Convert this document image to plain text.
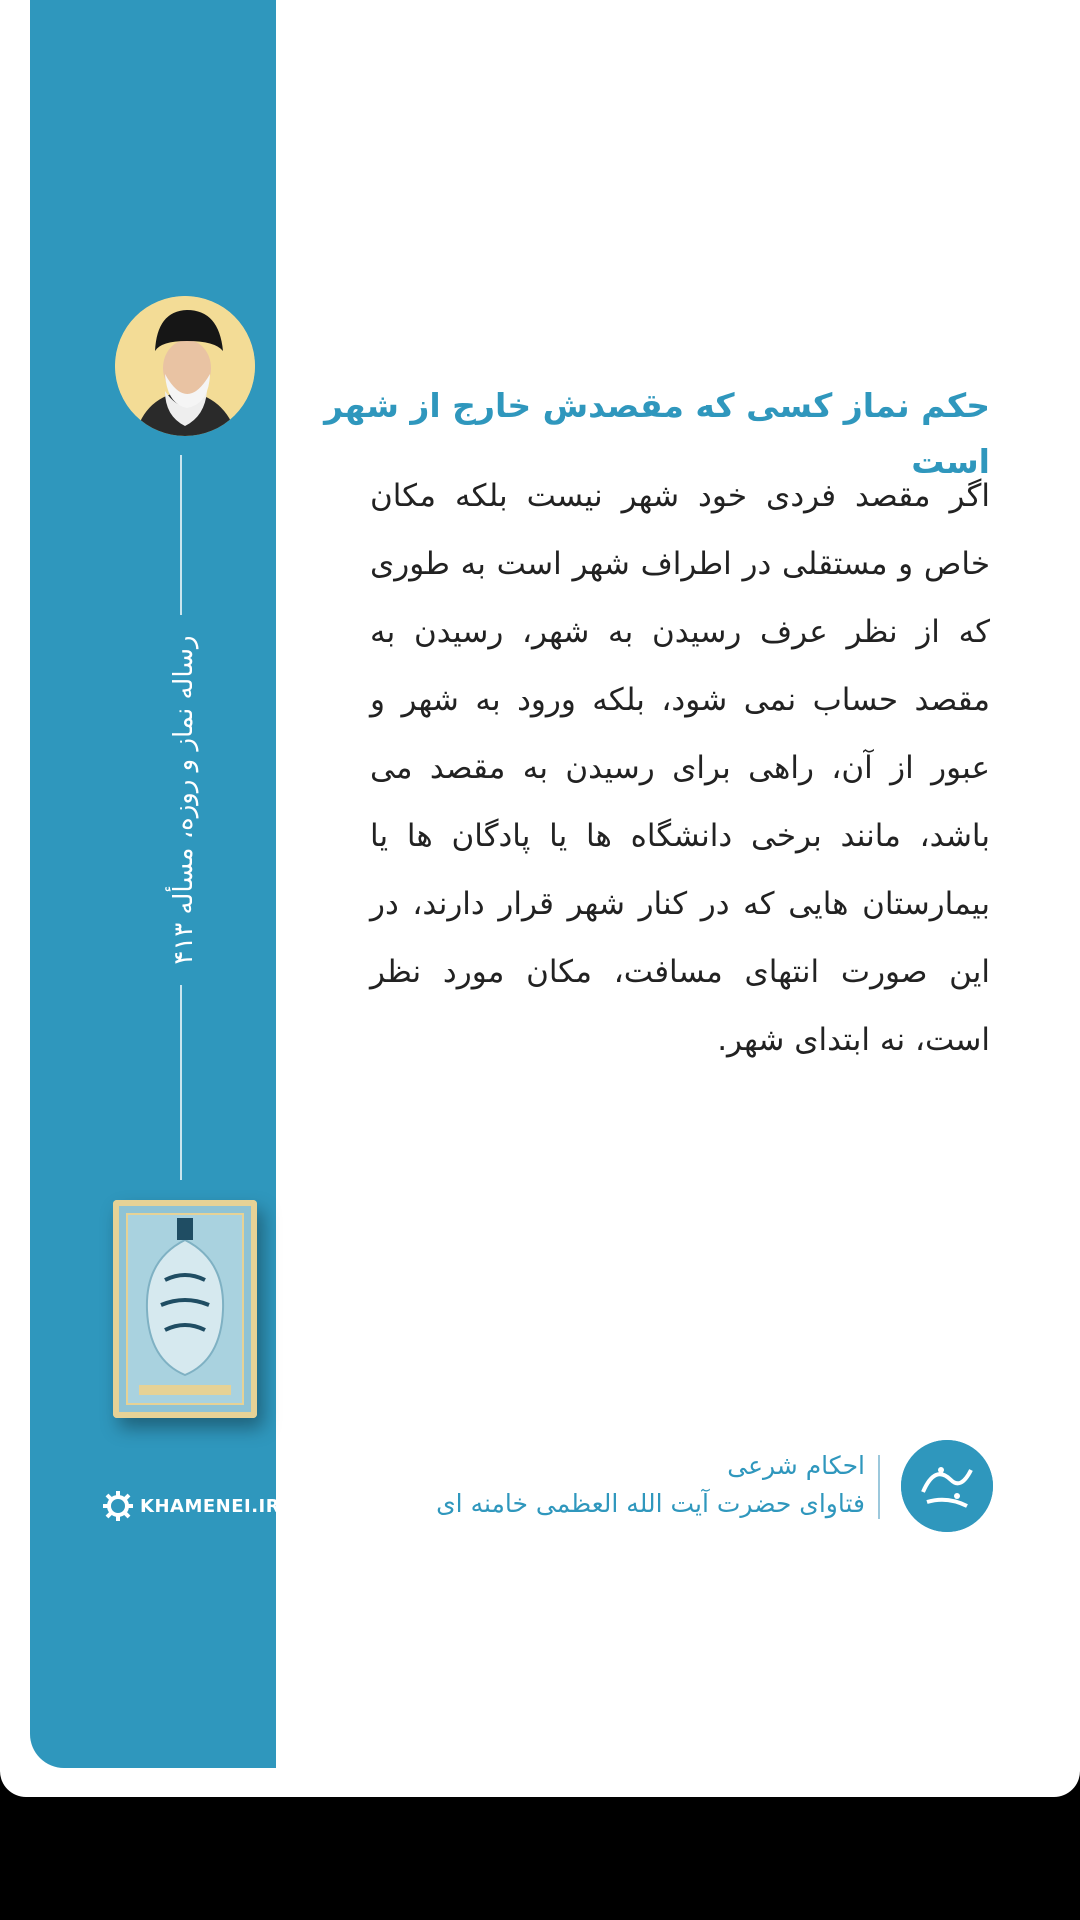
رساله نماز و روزه، مسأله ۴۱۳
KHAMENEI.IR
حکم نماز کسی که مقصدش خارج از شهر است
اگر مقصد فردی خود شهر نیست بلکه مکان خاص و مستقلی در اطراف شهر است به طوری که از نظر عرف رسیدن به شهر، رسیدن به مقصد حساب نمی شود، بلکه ورود به شهر و عبور از آن، راهی برای رسیدن به مقصد می باشد، مانند برخی دانشگاه ها یا پادگان ها یا بیمارستان هایی که در کنار شهر قرار دارند، در این صورت انتهای مسافت، مکان مورد نظر است، نه ابتدای شهر.
احکام شرعی
فتاوای حضرت آیت الله العظمی خامنه ای
